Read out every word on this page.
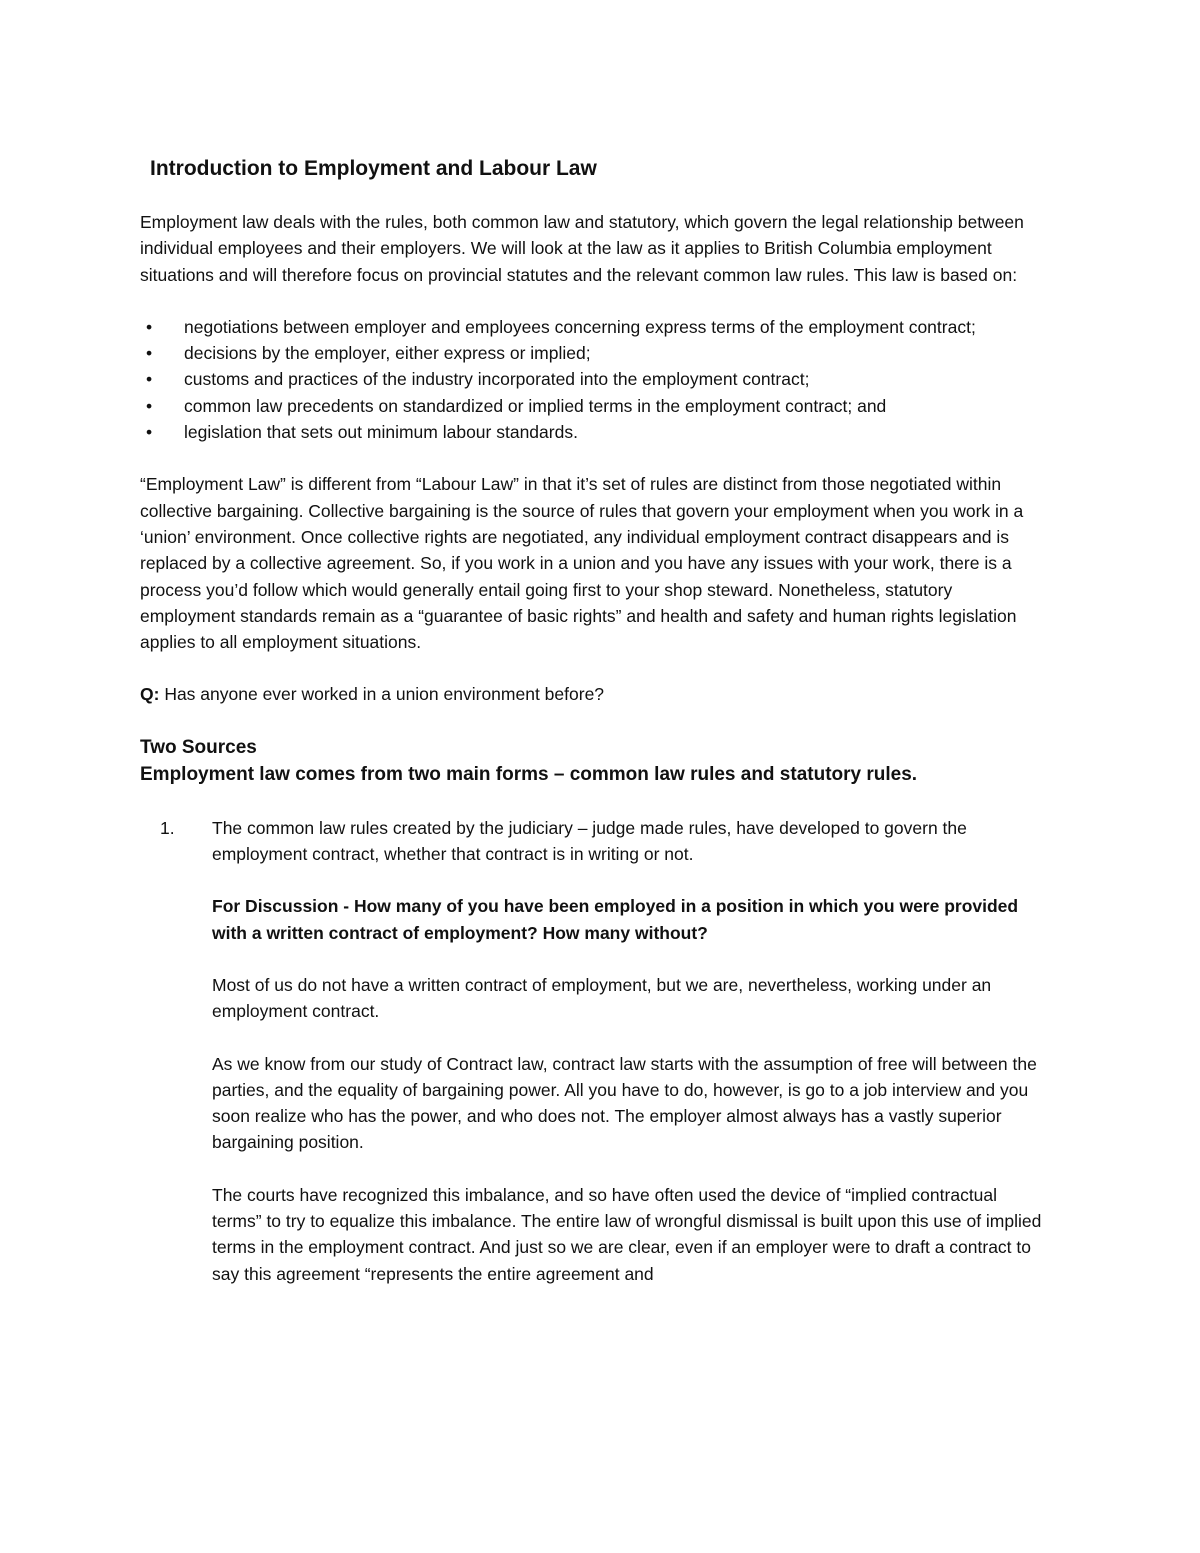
Introduction to Employment and Labour Law

Employment law deals with the rules, both common law and statutory, which govern the legal relationship between individual employees and their employers. We will look at the law as it applies to British Columbia employment situations and will therefore focus on provincial statutes and the relevant common law rules. This law is based on:

• negotiations between employer and employees concerning express terms of the employment contract;
• decisions by the employer, either express or implied;
• customs and practices of the industry incorporated into the employment contract;
• common law precedents on standardized or implied terms in the employment contract; and
• legislation that sets out minimum labour standards.

“Employment Law” is different from “Labour Law” in that it’s set of rules are distinct from those negotiated within collective bargaining. Collective bargaining is the source of rules that govern your employment when you work in a ‘union’ environment. Once collective rights are negotiated, any individual employment contract disappears and is replaced by a collective agreement. So, if you work in a union and you have any issues with your work, there is a process you’d follow which would generally entail going first to your shop steward. Nonetheless, statutory employment standards remain as a “guarantee of basic rights” and health and safety and human rights legislation applies to all employment situations.

Q: Has anyone ever worked in a union environment before?

Two Sources
Employment law comes from two main forms – common law rules and statutory rules.
1. The common law rules created by the judiciary – judge made rules, have developed to govern the employment contract, whether that contract is in writing or not.

For Discussion - How many of you have been employed in a position in which you were provided with a written contract of employment? How many without?

Most of us do not have a written contract of employment, but we are, nevertheless, working under an employment contract.

As we know from our study of Contract law, contract law starts with the assumption of free will between the parties, and the equality of bargaining power. All you have to do, however, is go to a job interview and you soon realize who has the power, and who does not. The employer almost always has a vastly superior bargaining position.

The courts have recognized this imbalance, and so have often used the device of “implied contractual terms” to try to equalize this imbalance. The entire law of wrongful dismissal is built upon this use of implied terms in the employment contract. And just so we are clear, even if an employer were to draft a contract to say this agreement “represents the entire agreement and
